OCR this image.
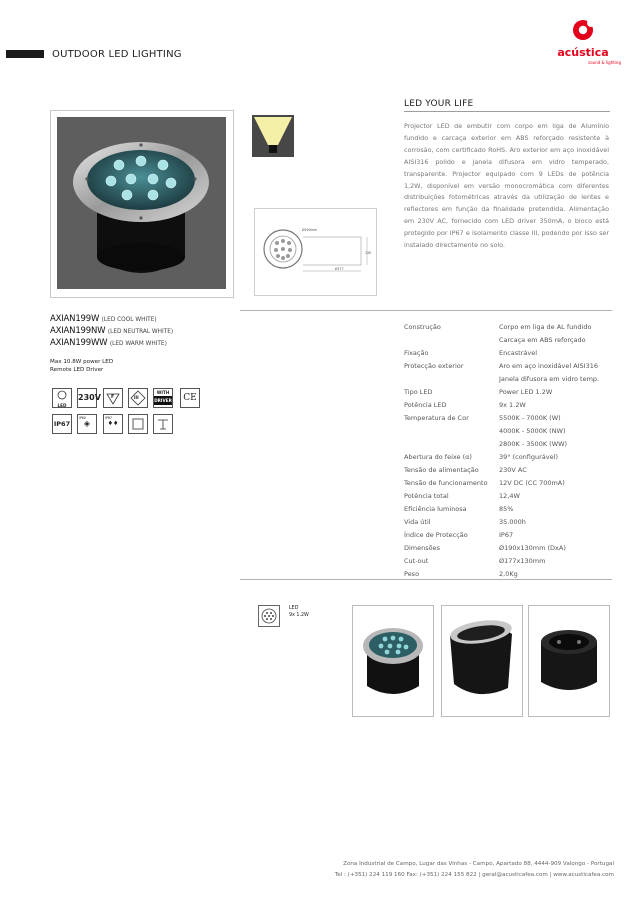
OUTDOOR LED LIGHTING	acústica
sound & lighting
LED YOUR LIFE
Projector LED de embutir com corpo em liga de Alumínio fundido e carcaça exterior em ABS reforçado resistente à corrosão, com certificado RoHS. Aro exterior em aço inoxidável AISI316 polido e janela difusora em vidro temperado, transparente. Projector equipado com 9 LEDs de potência 1,2W, disponível em versão monocromática com diferentes distribuições fotométricas através da utilização de lentes e reflectores em função da finalidade pretendida. Alimentação em 230V AC, fornecido com LED driver 350mA, o bloco está protegido por IP67 e isolamento classe III, podendo por isso ser instalado directamente no solo.
Ø190mm
Ø177
130
AXIAN199W (LED COOL WHITE)
AXIAN199NW (LED NEUTRAL WHITE)
AXIAN199WW (LED WARM WHITE)
Max 10.8W power LED
Remote LED Driver
LED
230V F	III
WITH
DRIVER	CE
IP67
IP60
◈
IP67
♦♦
Construção	Corpo em liga de AL fundido
Carcaça em ABS reforçado
Fixação	Encastrável
Protecção exterior	Aro em aço inoxidável AISI316
Janela difusora em vidro temp.
Tipo LED	Power LED 1.2W
Potência LED	9x 1.2W
Temperatura de Cor	5500K - 7000K (W)
4000K - 5000K (NW)
2800K - 3500K (WW)
Abertura do feixe (α)	39° (configurável)
Tensão de alimentação	230V AC
Tensão de funcionamento	12V DC (CC 700mA)
Potência total	12,4W
Eficiência luminosa	85%
Vida útil	35.000h
Índice de Protecção	IP67
Dimensões	Ø190x130mm (DxA)
Cut-out	Ø177x130mm
Peso	2,0Kg
LED
9x 1.2W
Zona Industrial de Campo, Lugar das Vinhas - Campo, Apartado 88, 4444-909 Valongo - Portugal
Tel : (+351) 224 119 160 Fax: (+351) 224 155 822 | geral@acusticafea.com | www.acusticafea.com
